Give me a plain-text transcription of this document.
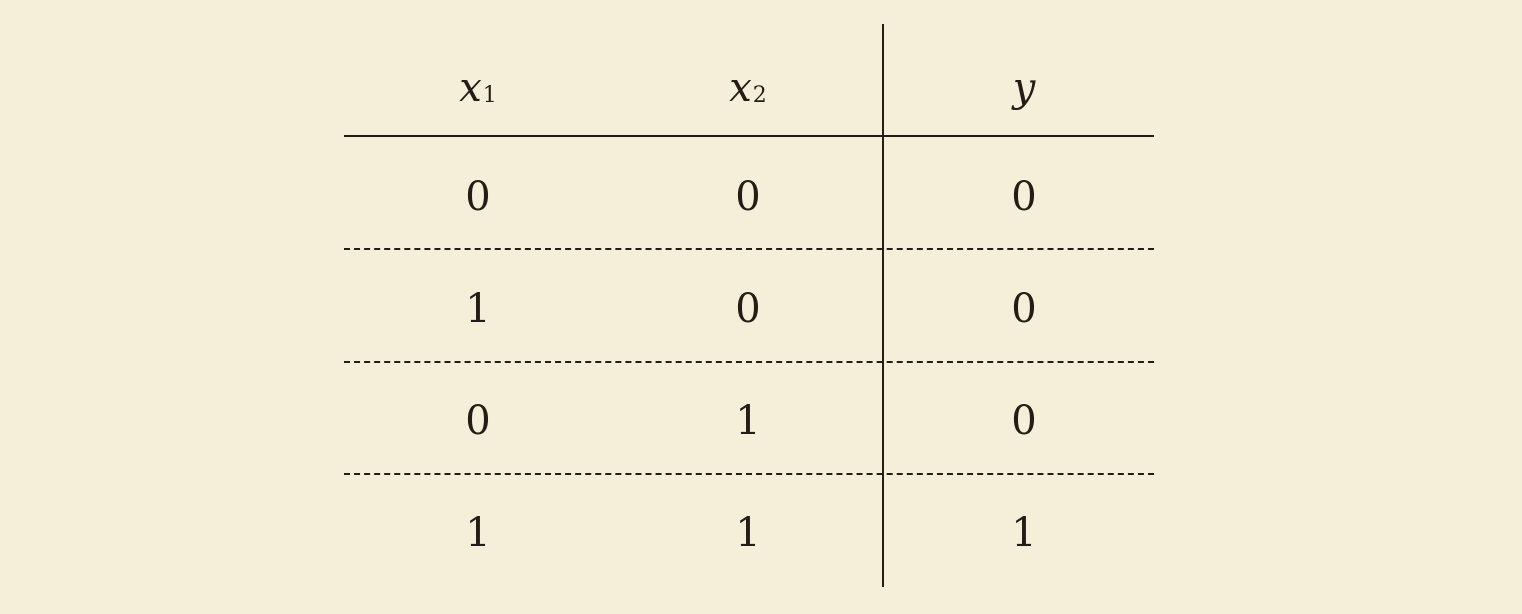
x 1	x 2	y
0	0	0
1	0	0
0	1	0
1	1	1
